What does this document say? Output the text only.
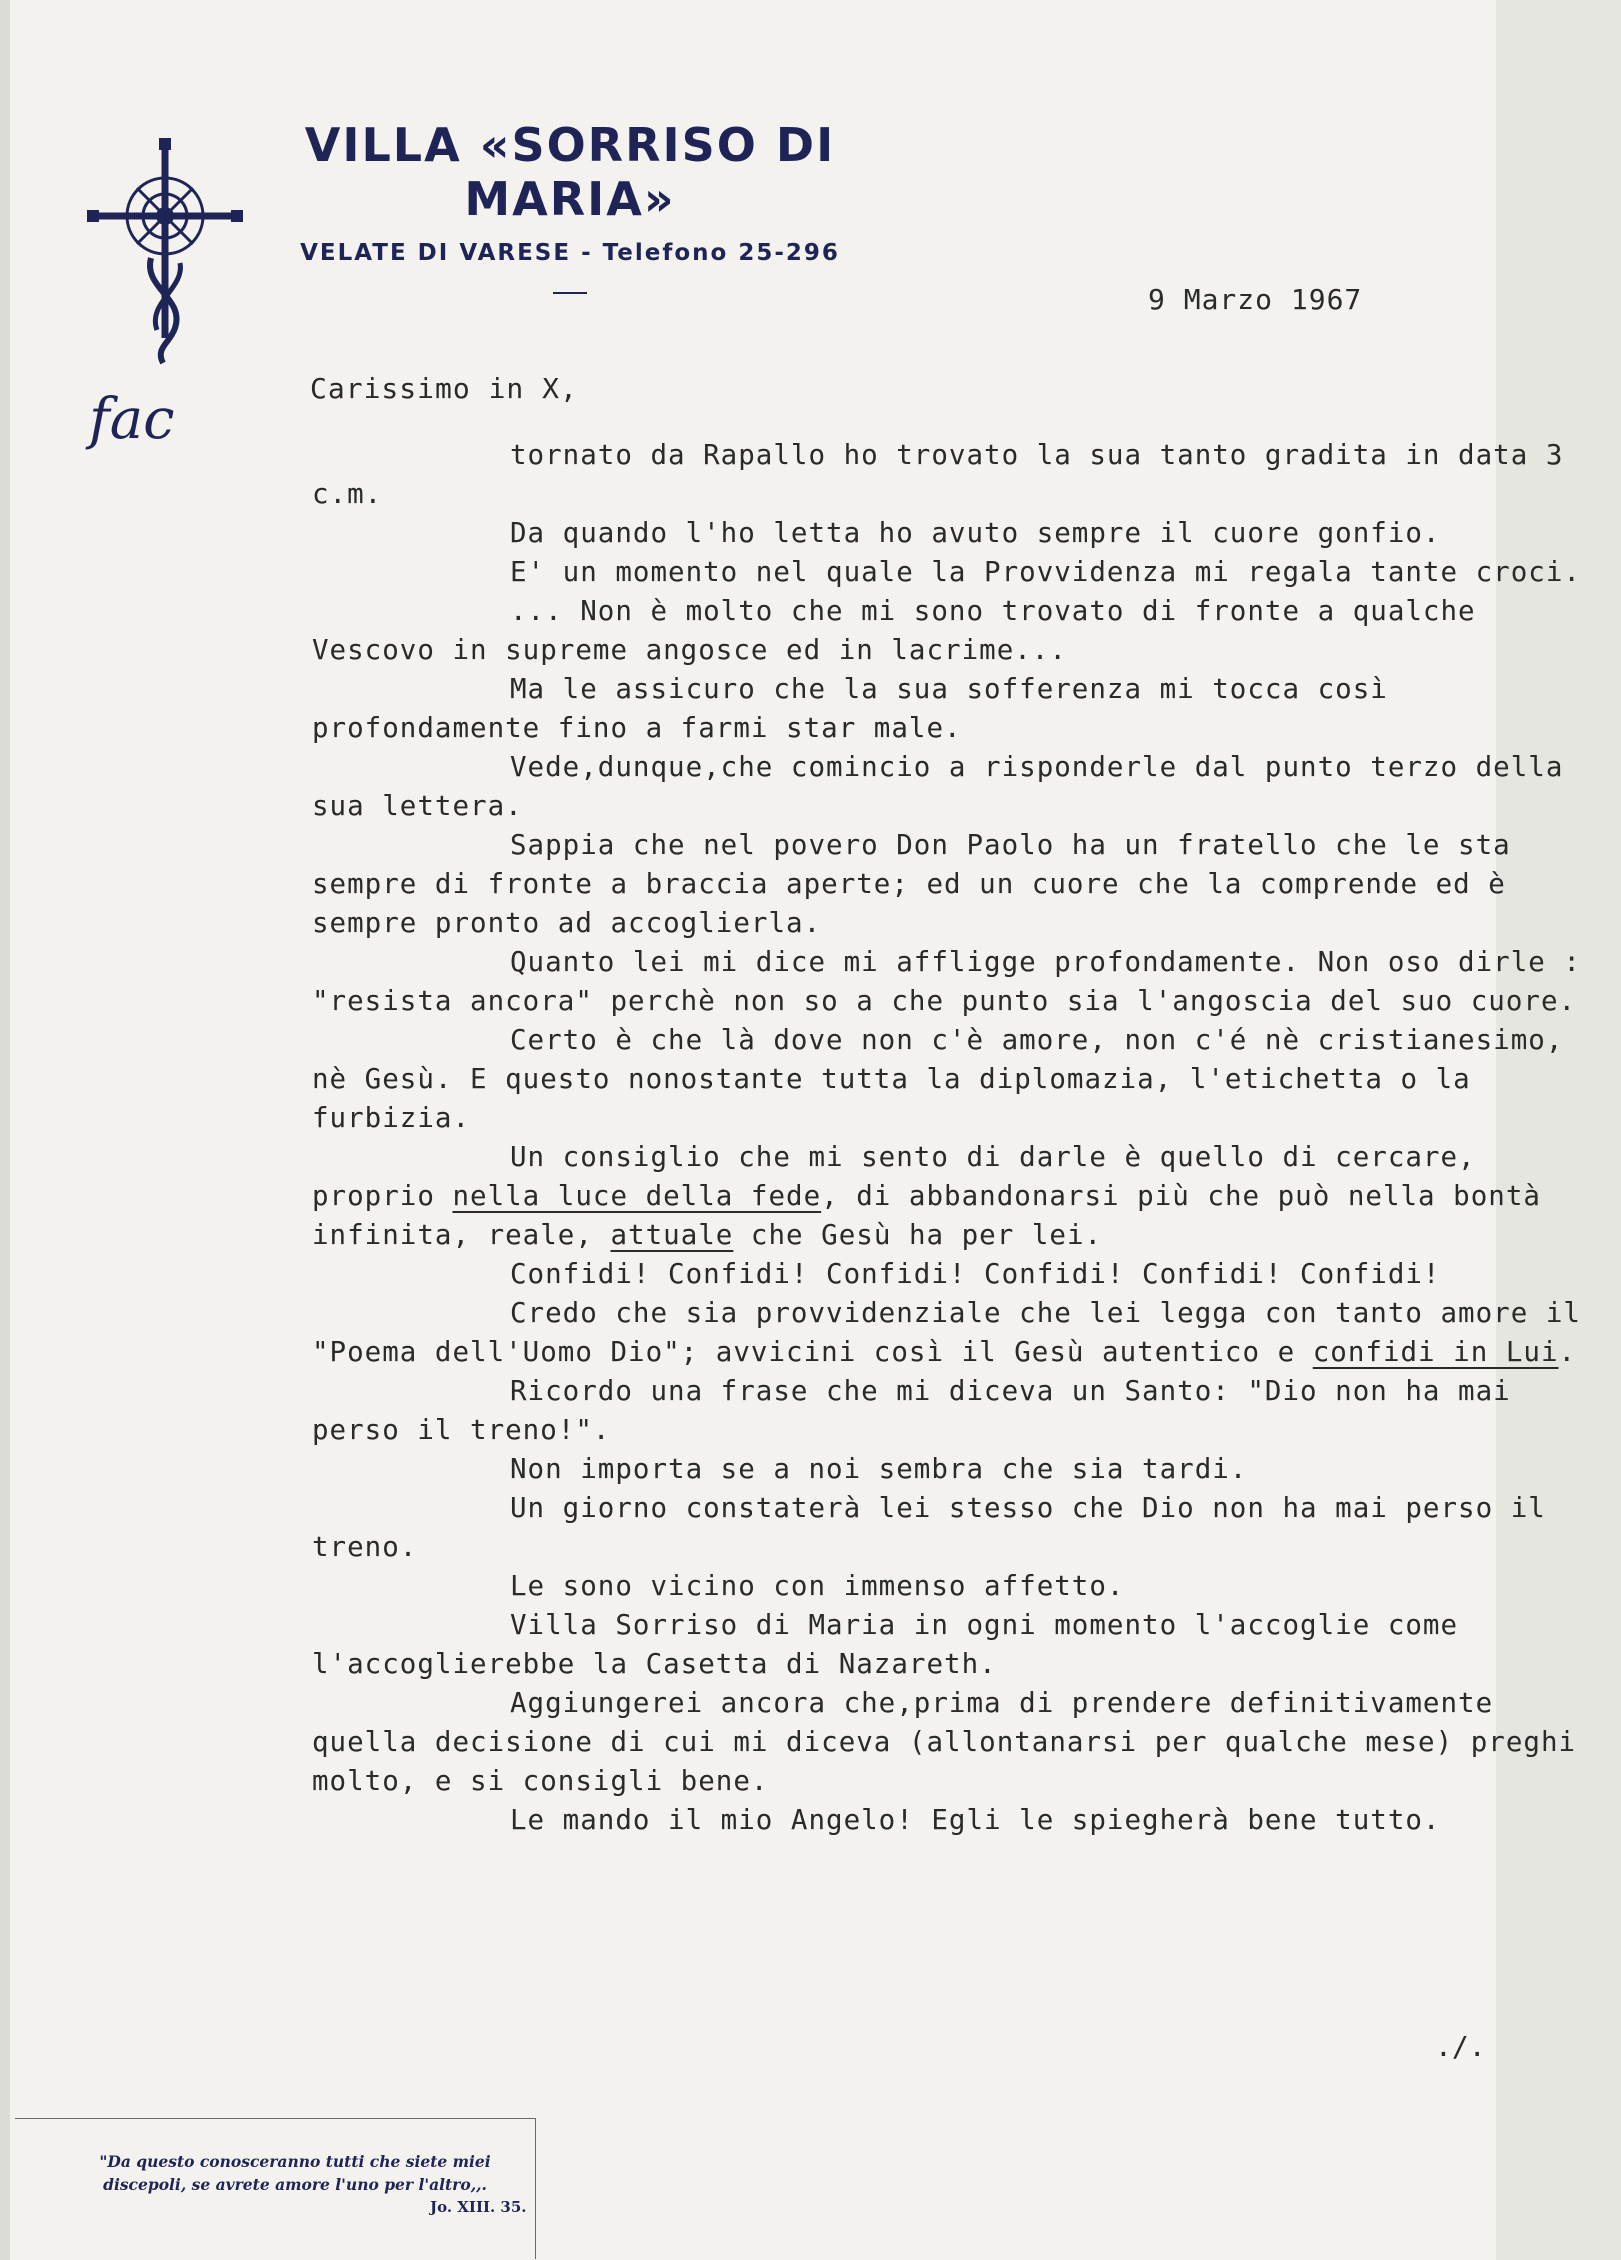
fac
VILLA «SORRISO DI MARIA»
VELATE DI VARESE - Telefono 25-296
9 Marzo 1967
Carissimo in X,

tornato da Rapallo ho trovato la sua tanto gradita in data 3 c.m.

Da quando l'ho letta ho avuto sempre il cuore gonfio.

E' un momento nel quale la Provvidenza mi regala tante croci.

... Non è molto che mi sono trovato di fronte a qualche Vescovo in supreme angosce ed in lacrime...

Ma le assicuro che la sua sofferenza mi tocca così profondamente fino a farmi star male.

Vede,dunque,che comincio a risponderle dal punto terzo della sua lettera.

Sappia che nel povero Don Paolo ha un fratello che le sta sempre di fronte a braccia aperte; ed un cuore che la comprende ed è sempre pronto ad accoglierla.

Quanto lei mi dice mi affligge profondamente. Non oso dirle : "resista ancora" perchè non so a che punto sia l'angoscia del suo cuore.

Certo è che là dove non c'è amore, non c'é nè cristianesimo, nè Gesù. E questo nonostante tutta la diplomazia, l'etichetta o la furbizia.

Un consiglio che mi sento di darle è quello di cercare, proprio nella luce della fede, di abbandonarsi più che può nella bontà infinita, reale, attuale che Gesù ha per lei.

Confidi! Confidi! Confidi! Confidi! Confidi! Confidi!

Credo che sia provvidenziale che lei legga con tanto amore il "Poema dell'Uomo Dio"; avvicini così il Gesù autentico e confidi in Lui.

Ricordo una frase che mi diceva un Santo: "Dio non ha mai perso il treno!".

Non importa se a noi sembra che sia tardi.

Un giorno constaterà lei stesso che Dio non ha mai perso il treno.

Le sono vicino con immenso affetto.

Villa Sorriso di Maria in ogni momento l'accoglie come l'accoglierebbe la Casetta di Nazareth.

Aggiungerei ancora che,prima di prendere definitivamente quella decisione di cui mi diceva (allontanarsi per qualche mese) preghi molto, e si consigli bene.

Le mando il mio Angelo! Egli le spiegherà bene tutto.

./.
"Da questo conosceranno tutti che siete miei
discepoli, se avrete amore l'uno per l'altro,,.
Jo. XIII. 35.
